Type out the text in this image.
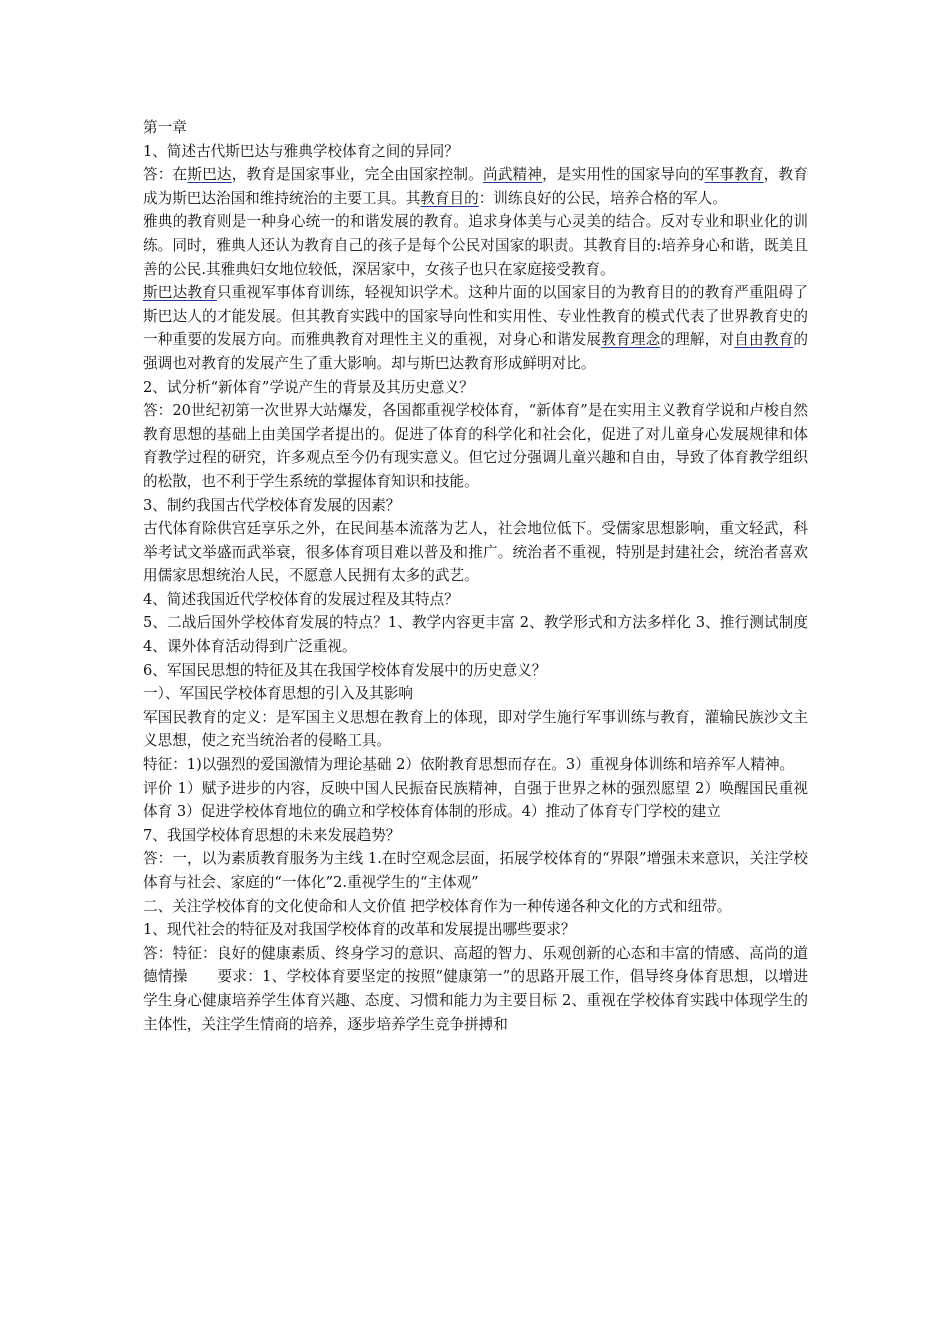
第一章

1、简述古代斯巴达与雅典学校体育之间的异同？

答：在斯巴达，教育是国家事业，完全由国家控制。尚武精神，是实用性的国家导向的军事教育，教育成为斯巴达治国和维持统治的主要工具。其教育目的：训练良好的公民，培养合格的军人。

雅典的教育则是一种身心统一的和谐发展的教育。追求身体美与心灵美的结合。反对专业和职业化的训练。同时，雅典人还认为教育自己的孩子是每个公民对国家的职责。其教育目的:培养身心和谐，既美且善的公民.其雅典妇女地位较低，深居家中，女孩子也只在家庭接受教育。

斯巴达教育只重视军事体育训练，轻视知识学术。这种片面的以国家目的为教育目的的教育严重阻碍了斯巴达人的才能发展。但其教育实践中的国家导向性和实用性、专业性教育的模式代表了世界教育史的一种重要的发展方向。而雅典教育对理性主义的重视，对身心和谐发展教育理念的理解，对自由教育的强调也对教育的发展产生了重大影响。却与斯巴达教育形成鲜明对比。

2、试分析“新体育”学说产生的背景及其历史意义？

答：20世纪初第一次世界大站爆发，各国都重视学校体育，“新体育”是在实用主义教育学说和卢梭自然教育思想的基础上由美国学者提出的。促进了体育的科学化和社会化，促进了对儿童身心发展规律和体育教学过程的研究，许多观点至今仍有现实意义。但它过分强调儿童兴趣和自由，导致了体育教学组织的松散，也不利于学生系统的掌握体育知识和技能。

3、制约我国古代学校体育发展的因素？

古代体育除供宫廷享乐之外，在民间基本流落为艺人，社会地位低下。受儒家思想影响，重文轻武，科举考试文举盛而武举衰，很多体育项目难以普及和推广。统治者不重视，特别是封建社会，统治者喜欢用儒家思想统治人民，不愿意人民拥有太多的武艺。

4、简述我国近代学校体育的发展过程及其特点？

5、二战后国外学校体育发展的特点？1、教学内容更丰富 2、教学形式和方法多样化 3、推行测试制度 4、课外体育活动得到广泛重视。

6、军国民思想的特征及其在我国学校体育发展中的历史意义？

一）、军国民学校体育思想的引入及其影响

军国民教育的定义：是军国主义思想在教育上的体现，即对学生施行军事训练与教育，灌输民族沙文主义思想，使之充当统治者的侵略工具。

特征：1)以强烈的爱国激情为理论基础 2）依附教育思想而存在。3）重视身体训练和培养军人精神。

评价 1）赋予进步的内容，反映中国人民振奋民族精神，自强于世界之林的强烈愿望 2）唤醒国民重视体育 3）促进学校体育地位的确立和学校体育体制的形成。4）推动了体育专门学校的建立

7、我国学校体育思想的未来发展趋势？

答：一，以为素质教育服务为主线 1.在时空观念层面，拓展学校体育的“界限”增强未来意识，关注学校体育与社会、家庭的“一体化”2.重视学生的“主体观”

二、关注学校体育的文化使命和人文价值 把学校体育作为一种传递各种文化的方式和纽带。

1、现代社会的特征及对我国学校体育的改革和发展提出哪些要求？

答：特征：良好的健康素质、终身学习的意识、高超的智力、乐观创新的心态和丰富的情感、高尚的道德情操　　要求：1、学校体育要坚定的按照“健康第一”的思路开展工作，倡导终身体育思想，以增进学生身心健康培养学生体育兴趣、态度、习惯和能力为主要目标 2、重视在学校体育实践中体现学生的主体性，关注学生情商的培养，逐步培养学生竞争拼搏和
